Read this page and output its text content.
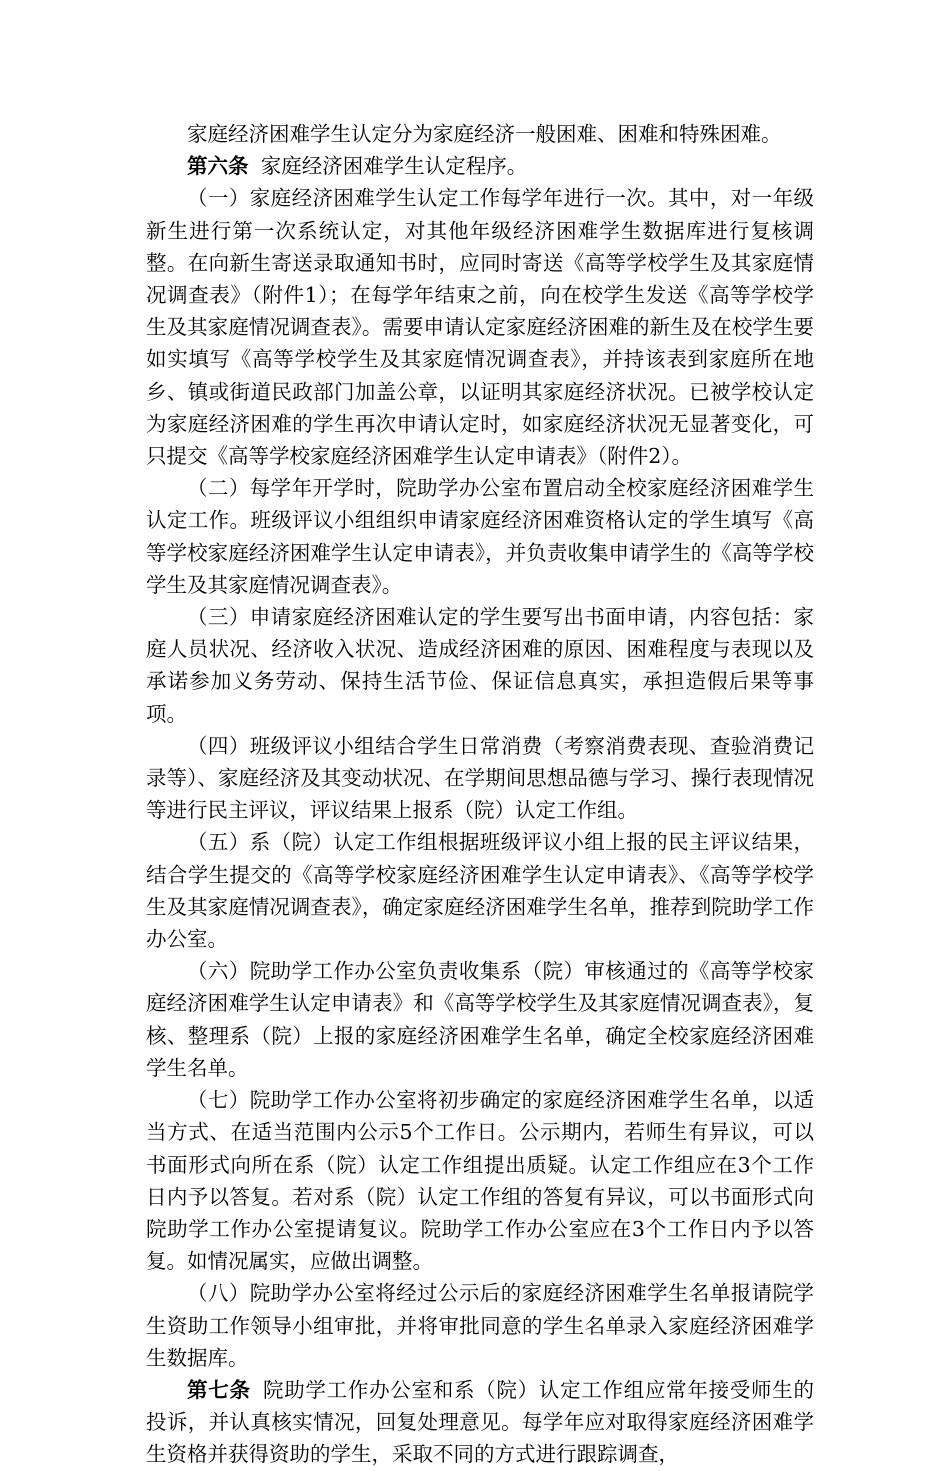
家庭经济困难学生认定分为家庭经济一般困难、困难和特殊困难。

第六条 家庭经济困难学生认定程序。

（一）家庭经济困难学生认定工作每学年进行一次。其中，对一年级新生进行第一次系统认定，对其他年级经济困难学生数据库进行复核调整。在向新生寄送录取通知书时，应同时寄送《高等学校学生及其家庭情况调查表》（附件1）；在每学年结束之前，向在校学生发送《高等学校学生及其家庭情况调查表》。需要申请认定家庭经济困难的新生及在校学生要如实填写《高等学校学生及其家庭情况调查表》，并持该表到家庭所在地乡、镇或街道民政部门加盖公章，以证明其家庭经济状况。已被学校认定为家庭经济困难的学生再次申请认定时，如家庭经济状况无显著变化，可只提交《高等学校家庭经济困难学生认定申请表》（附件2）。

（二）每学年开学时，院助学办公室布置启动全校家庭经济困难学生认定工作。班级评议小组组织申请家庭经济困难资格认定的学生填写《高等学校家庭经济困难学生认定申请表》，并负责收集申请学生的《高等学校学生及其家庭情况调查表》。

（三）申请家庭经济困难认定的学生要写出书面申请，内容包括：家庭人员状况、经济收入状况、造成经济困难的原因、困难程度与表现以及承诺参加义务劳动、保持生活节俭、保证信息真实，承担造假后果等事项。

（四）班级评议小组结合学生日常消费（考察消费表现、查验消费记录等）、家庭经济及其变动状况、在学期间思想品德与学习、操行表现情况等进行民主评议，评议结果上报系（院）认定工作组。

（五）系（院）认定工作组根据班级评议小组上报的民主评议结果，结合学生提交的《高等学校家庭经济困难学生认定申请表》、《高等学校学生及其家庭情况调查表》，确定家庭经济困难学生名单，推荐到院助学工作办公室。

（六）院助学工作办公室负责收集系（院）审核通过的《高等学校家庭经济困难学生认定申请表》和《高等学校学生及其家庭情况调查表》，复核、整理系（院）上报的家庭经济困难学生名单，确定全校家庭经济困难学生名单。

（七）院助学工作办公室将初步确定的家庭经济困难学生名单，以适当方式、在适当范围内公示5个工作日。公示期内，若师生有异议，可以书面形式向所在系（院）认定工作组提出质疑。认定工作组应在3个工作日内予以答复。若对系（院）认定工作组的答复有异议，可以书面形式向院助学工作办公室提请复议。院助学工作办公室应在3个工作日内予以答复。如情况属实，应做出调整。

（八）院助学办公室将经过公示后的家庭经济困难学生名单报请院学生资助工作领导小组审批，并将审批同意的学生名单录入家庭经济困难学生数据库。

第七条 院助学工作办公室和系（院）认定工作组应常年接受师生的投诉，并认真核实情况，回复处理意见。每学年应对取得家庭经济困难学生资格并获得资助的学生，采取不同的方式进行跟踪调查，
